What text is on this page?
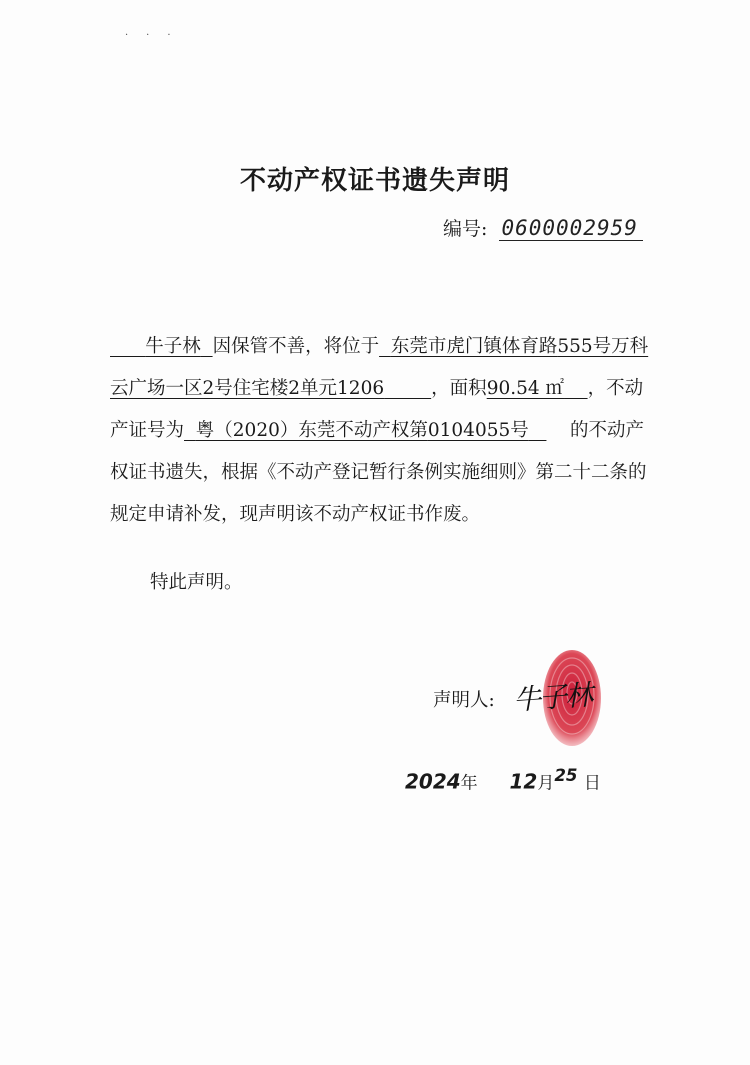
···
不动产权证书遗失声明
编号: 0600002959
牛子林 因保管不善，将位于 东莞市虎门镇体育路555号万科云广场一区2号住宅楼2单元1206	，面积90.54 ㎡ ，不动产证号为 粤（2020）东莞不动产权第0104055号 的不动产权证书遗失，根据《不动产登记暂行条例实施细则》第二十二条的规定申请补发，现声明该不动产权证书作废。
特此声明。
声明人: 牛子林
2024年 12月$^{25}$ 日
